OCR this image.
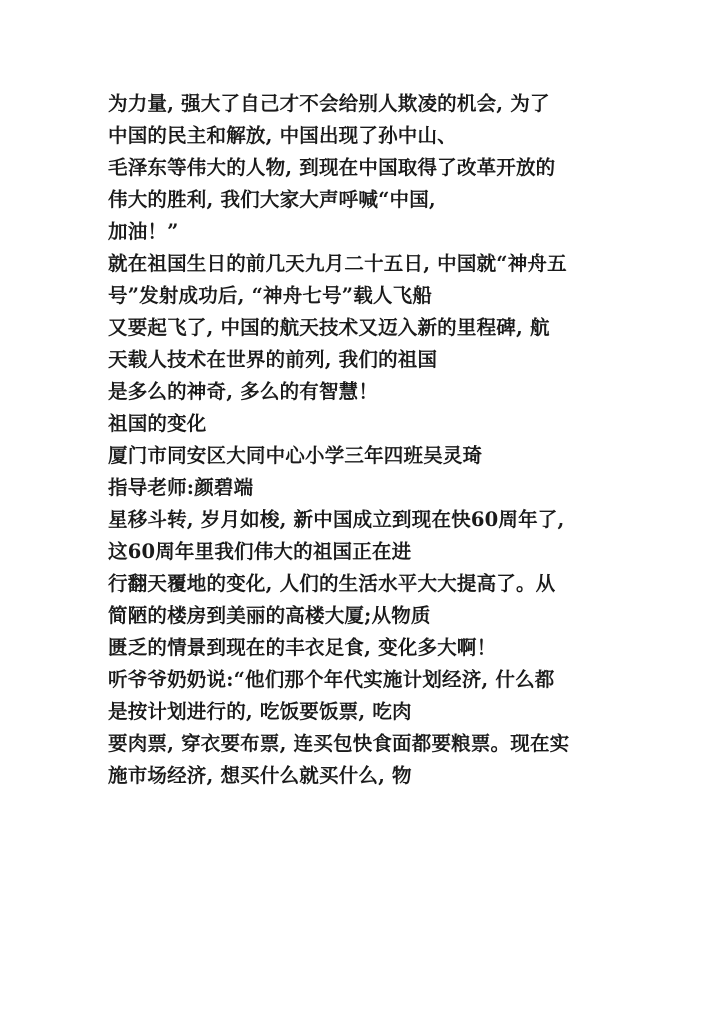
为力量, 强大了自己才不会给别人欺凌的机会, 为了

中国的民主和解放, 中国出现了孙中山、

毛泽东等伟大的人物, 到现在中国取得了改革开放的

伟大的胜利, 我们大家大声呼喊“中国,

加油！”

就在祖国生日的前几天九月二十五日, 中国就“神舟五

号”发射成功后, “神舟七号”载人飞船

又要起飞了, 中国的航天技术又迈入新的里程碑, 航

天载人技术在世界的前列, 我们的祖国

是多么的神奇, 多么的有智慧！

祖国的变化

厦门市同安区大同中心小学三年四班吴灵琦

指导老师:颜碧端

星移斗转, 岁月如梭, 新中国成立到现在快60周年了,

这60周年里我们伟大的祖国正在进

行翻天覆地的变化, 人们的生活水平大大提高了。从

简陋的楼房到美丽的高楼大厦;从物质

匮乏的情景到现在的丰衣足食, 变化多大啊！

听爷爷奶奶说:“他们那个年代实施计划经济, 什么都

是按计划进行的, 吃饭要饭票, 吃肉

要肉票, 穿衣要布票, 连买包快食面都要粮票。现在实

施市场经济, 想买什么就买什么, 物
